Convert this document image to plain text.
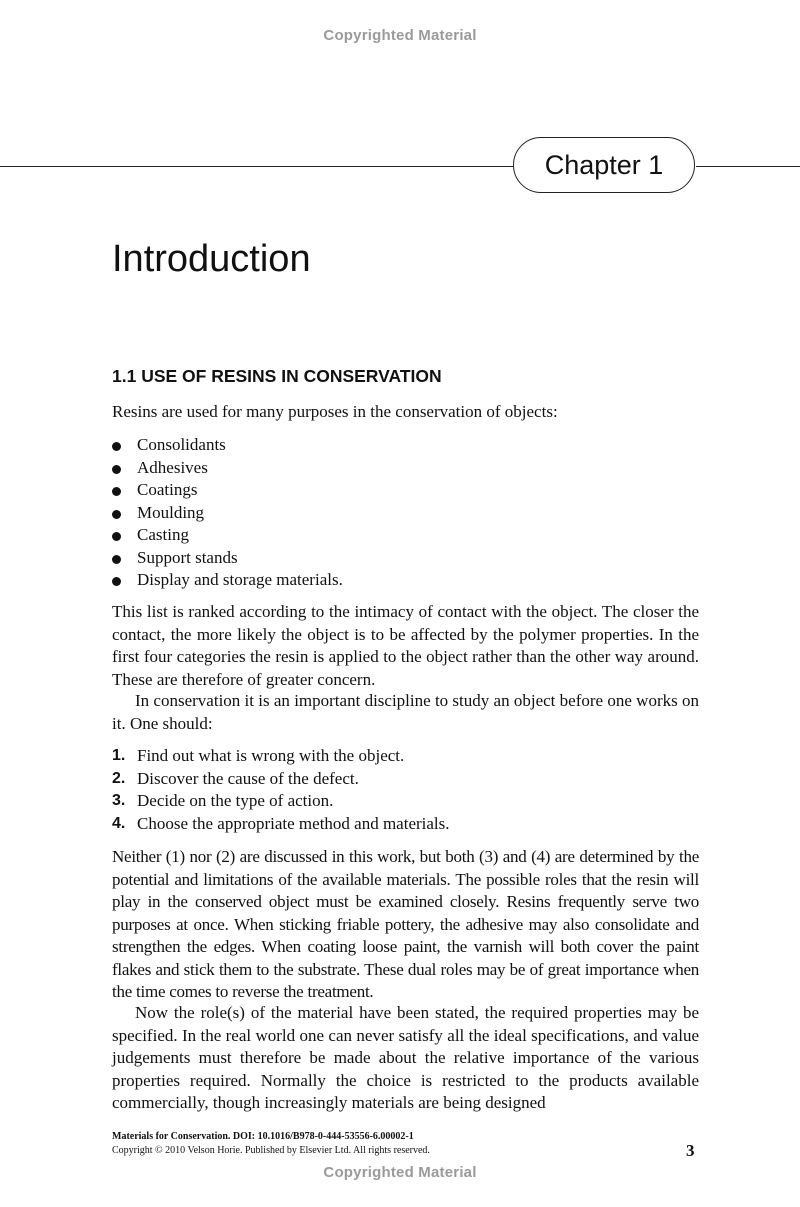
Copyrighted Material
Chapter 1
Introduction
1.1 USE OF RESINS IN CONSERVATION

Resins are used for many purposes in the conservation of objects:

Consolidants
Adhesives
Coatings
Moulding
Casting
Support stands
Display and storage materials.

This list is ranked according to the intimacy of contact with the object. The closer the contact, the more likely the object is to be affected by the polymer properties. In the first four categories the resin is applied to the object rather than the other way around. These are therefore of greater concern.

In conservation it is an important discipline to study an object before one works on it. One should:

1. Find out what is wrong with the object.
2. Discover the cause of the defect.
3. Decide on the type of action.
4. Choose the appropriate method and materials.

Neither (1) nor (2) are discussed in this work, but both (3) and (4) are determined by the potential and limitations of the available materials. The possible roles that the resin will play in the conserved object must be examined closely. Resins frequently serve two purposes at once. When sticking friable pottery, the adhesive may also consolidate and strengthen the edges. When coating loose paint, the varnish will both cover the paint flakes and stick them to the substrate. These dual roles may be of great importance when the time comes to reverse the treatment.

Now the role(s) of the material have been stated, the required properties may be specified. In the real world one can never satisfy all the ideal specifications, and value judgements must therefore be made about the relative importance of the various properties required. Normally the choice is restricted to the products available commercially, though increasingly materials are being designed

Materials for Conservation. DOI: 10.1016/B978-0-444-53556-6.00002-1
Copyright © 2010 Velson Horie. Published by Elsevier Ltd. All rights reserved.	3
Copyrighted Material
